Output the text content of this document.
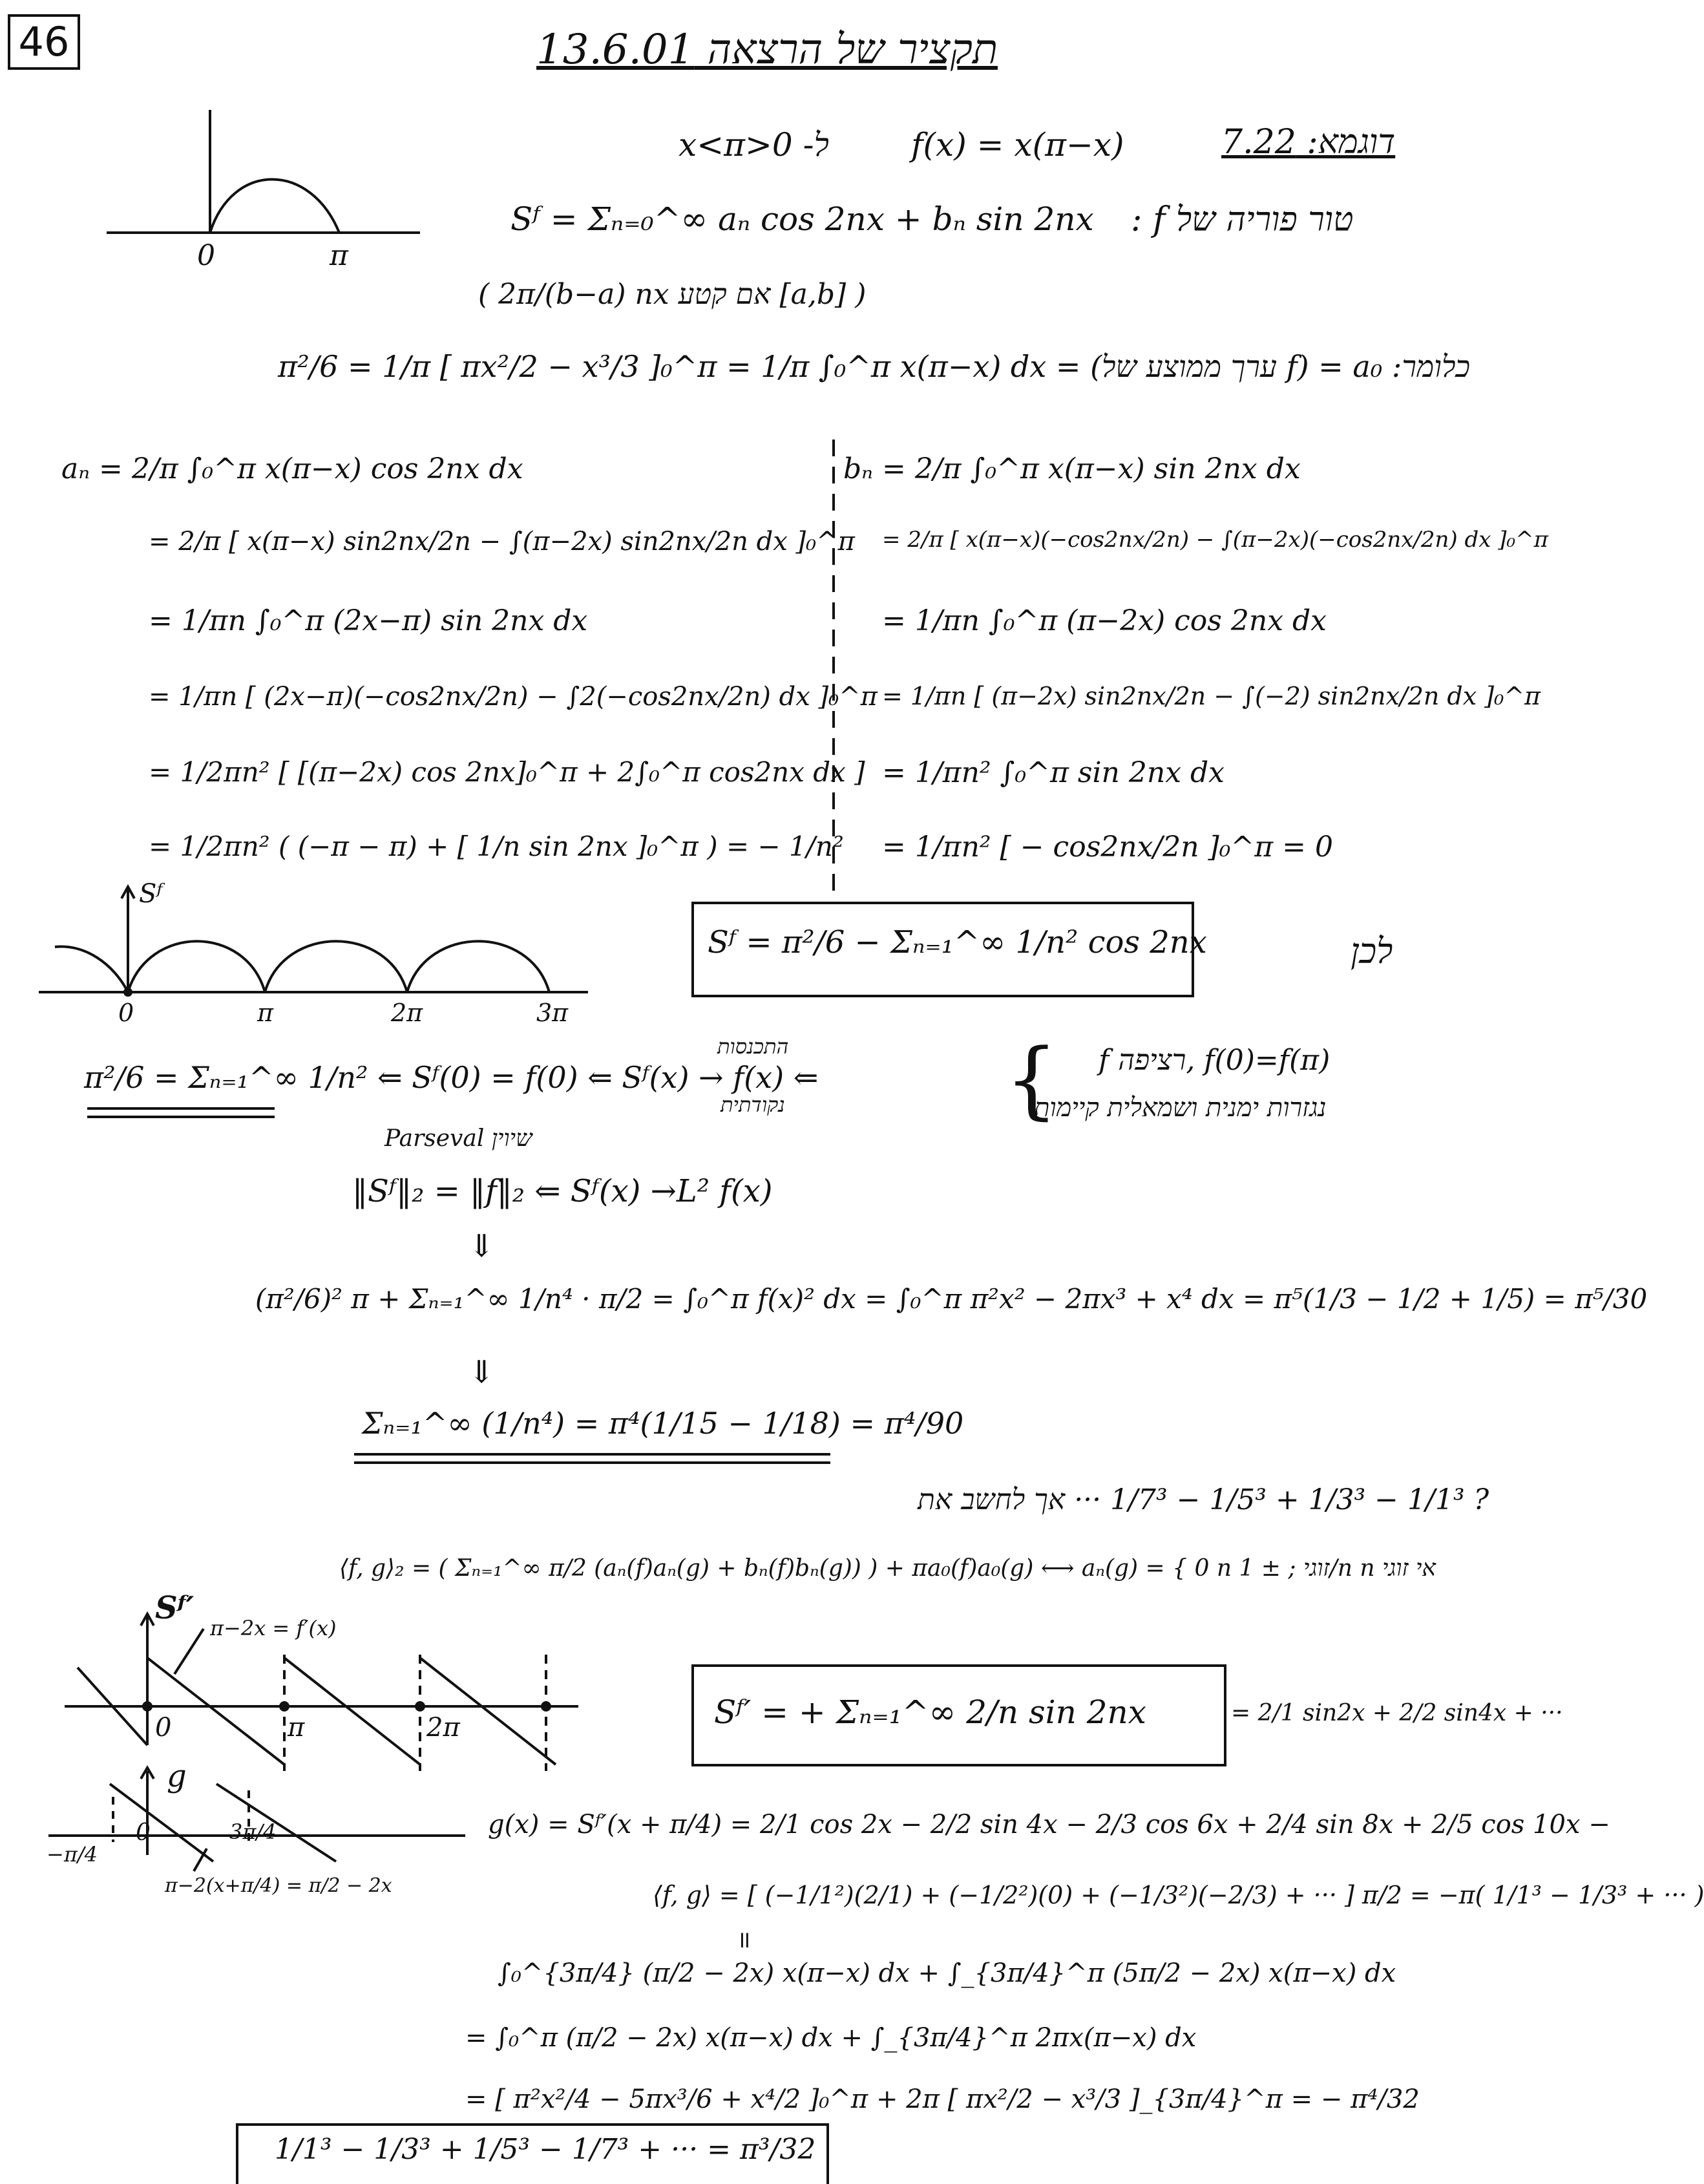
46	תקציר של הרצאה 13.6.01
דוגמא: 7.22
f(x) = x(π−x)
ל- 0<x<π
0	π
טור פוריה של f :
Sᶠ = Σₙ₌₀^∞ aₙ cos 2nx + bₙ sin 2nx
( 2π/(b−a) nx אם קטע [a,b] )
π²/6 = 1/π [ πx²/2 − x³/3 ]₀^π = 1/π ∫₀^π x(π−x) dx = (ערך ממוצע של f) = a₀ :כלומר
aₙ = 2/π ∫₀^π x(π−x) cos 2nx dx
= 2/π [ x(π−x) sin2nx/2n − ∫(π−2x) sin2nx/2n dx ]₀^π
= 1/πn ∫₀^π (2x−π) sin 2nx dx
= 1/πn [ (2x−π)(−cos2nx/2n) − ∫2(−cos2nx/2n) dx ]₀^π
= 1/2πn² [ [(π−2x) cos 2nx]₀^π + 2∫₀^π cos2nx dx ]
= 1/2πn² ( (−π − π) + [ 1/n sin 2nx ]₀^π ) = − 1/n²
bₙ = 2/π ∫₀^π x(π−x) sin 2nx dx
= 2/π [ x(π−x)(−cos2nx/2n) − ∫(π−2x)(−cos2nx/2n) dx ]₀^π
= 1/πn ∫₀^π (π−2x) cos 2nx dx
= 1/πn [ (π−2x) sin2nx/2n − ∫(−2) sin2nx/2n dx ]₀^π
= 1/πn² ∫₀^π sin 2nx dx
= 1/πn² [ − cos2nx/2n ]₀^π = 0
Sᶠ = π²/6 − Σₙ₌₁^∞ 1/n² cos 2nx	לכן
Sᶠ
0	π	2π	3π
π²/6 = Σₙ₌₁^∞ 1/n² ⇐ Sᶠ(0) = f(0) ⇐ Sᶠ(x) → f(x) ⇐
התכנסות
נקודתית	{ f רציפה, f(0)=f(π)
נגזרות ימנית ושמאלית קיימות
Parseval שיוין
‖Sᶠ‖₂ = ‖f‖₂ ⇐ Sᶠ(x) →L² f(x)
⇓
(π²/6)² π + Σₙ₌₁^∞ 1/n⁴ · π/2 = ∫₀^π f(x)² dx = ∫₀^π π²x² − 2πx³ + x⁴ dx = π⁵(1/3 − 1/2 + 1/5) = π⁵/30
⇓
Σₙ₌₁^∞ (1/n⁴) = π⁴(1/15 − 1/18) = π⁴/90
? 1/1³ − 1/3³ + 1/5³ − 1/7³ ··· אך לחשב את
⟨f, g⟩₂ = ( Σₙ₌₁^∞ π/2 (aₙ(f)aₙ(g) + bₙ(f)bₙ(g)) ) + πa₀(f)a₀(g) ⟷ aₙ(g) = { 0 n זוגי ; ± 1/n n אי זוגי
Sᶠ′
π−2x = f′(x)
0	π	2π	Sᶠ′ = + Σₙ₌₁^∞ 2/n sin 2nx	= 2/1 sin2x + 2/2 sin4x + ···
g
0
−π/4
3π/4
π−2(x+π/4) = π/2 − 2x
g(x) = Sᶠ′(x + π/4) = 2/1 cos 2x − 2/2 sin 4x − 2/3 cos 6x + 2/4 sin 8x + 2/5 cos 10x −
⟨f, g⟩ = [ (−1/1²)(2/1) + (−1/2²)(0) + (−1/3²)(−2/3) + ··· ] π/2 = −π( 1/1³ − 1/3³ + ··· )
॥
∫₀^{3π/4} (π/2 − 2x) x(π−x) dx + ∫_{3π/4}^π (5π/2 − 2x) x(π−x) dx
= ∫₀^π (π/2 − 2x) x(π−x) dx + ∫_{3π/4}^π 2πx(π−x) dx
= [ π²x²/4 − 5πx³/6 + x⁴/2 ]₀^π + 2π [ πx²/2 − x³/3 ]_{3π/4}^π = − π⁴/32
1/1³ − 1/3³ + 1/5³ − 1/7³ + ··· = π³/32
